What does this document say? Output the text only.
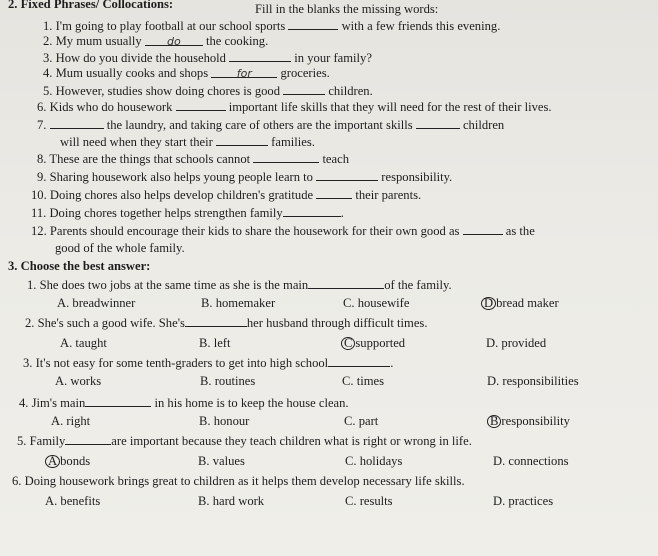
2. Fixed Phrases/ Collocations:	Fill in the blanks the missing words:
1. I'm going to play football at our school sports	with a few friends this evening.
2. My mum usually do the cooking.
3. How do you divide the household	in your family?
4. Mum usually cooks and shops	for groceries.
5. However, studies show doing chores is good	children.
6. Kids who do housework	important life skills that they will need for the rest of their lives.
7.	the laundry, and taking care of others are the important skills	children
will need when they start their	families.
8. These are the things that schools cannot	teach
9. Sharing housework also helps young people learn to	responsibility.
10. Doing chores also helps develop children's gratitude	their parents.
11. Doing chores together helps strengthen family	.
12. Parents should encourage their kids to share the housework for their own good as	as the
good of the whole family.
3. Choose the best answer:
1. She does two jobs at the same time as she is the main	of the family.
A. breadwinner	B. homemaker	C. housewife	D bread maker
2. She's such a good wife. She's	her husband through difficult times.
A. taught	B. left	C supported	D. provided
3. It's not easy for some tenth-graders to get into high school	.
A. works	B. routines	C. times	D. responsibilities
4. Jim's main	in his home is to keep the house clean.
A. right	B. honour	C. part	B responsibility
5. Family	are important because they teach children what is right or wrong in life.
A bonds	B. values	C. holidays	D. connections
6. Doing housework brings great to children as it helps them develop necessary life skills.
A. benefits	B. hard work	C. results	D. practices
